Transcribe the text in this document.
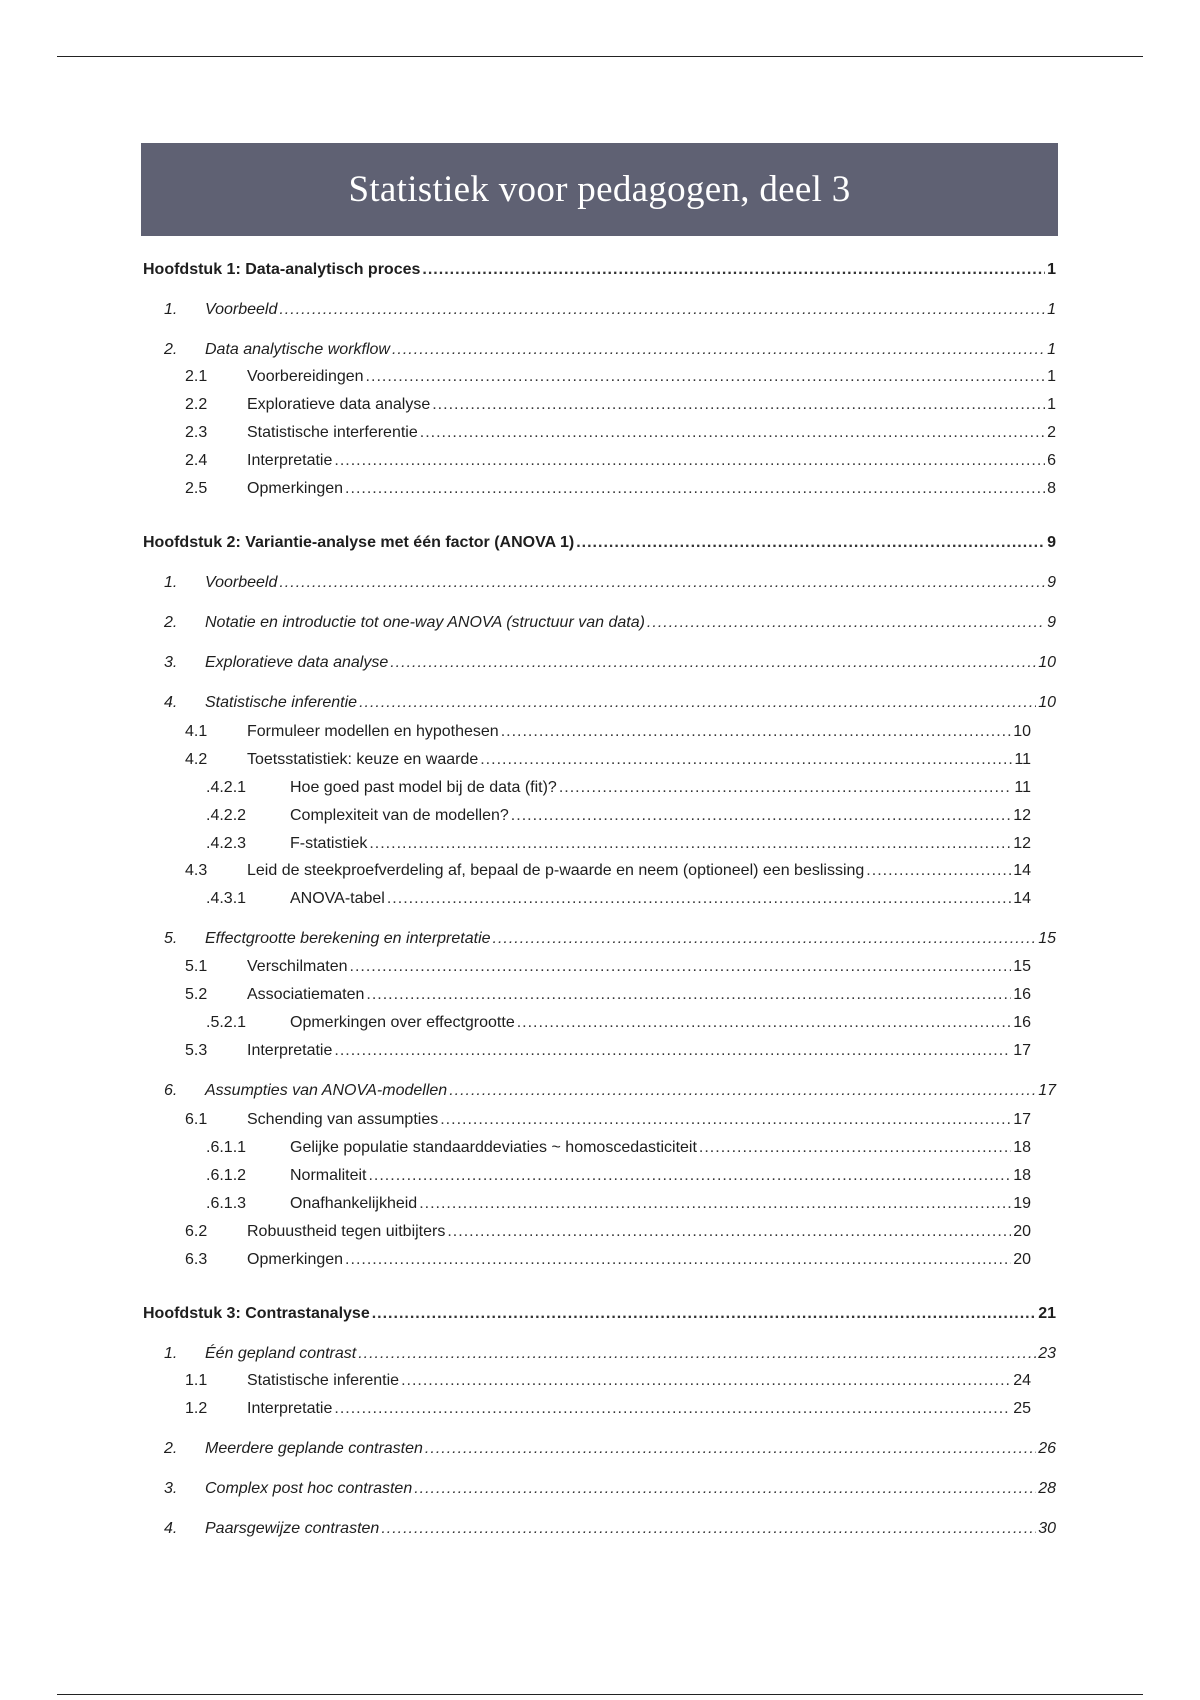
Statistiek voor pedagogen, deel 3
Hoofdstuk 1: Data-analytisch proces .....	1
1.	Voorbeeld .....	1
2.	Data analytische workflow .....	1
2.1	Voorbereidingen .....	1
2.2	Exploratieve data analyse .....	1
2.3	Statistische interferentie .....	2
2.4	Interpretatie .....	6
2.5	Opmerkingen .....	8
Hoofdstuk 2: Variantie-analyse met één factor (ANOVA 1) .....	9
1.	Voorbeeld .....	9
2.	Notatie en introductie tot one-way ANOVA (structuur van data) .....	9
3.	Exploratieve data analyse .....	10
4.	Statistische inferentie .....	10
4.1	Formuleer modellen en hypothesen .....	10
4.2	Toetsstatistiek: keuze en waarde .....	11
.4.2.1	Hoe goed past model bij de data (fit)? .....	11
.4.2.2	Complexiteit van de modellen? .....	12
.4.2.3	F-statistiek .....	12
4.3	Leid de steekproefverdeling af, bepaal de p-waarde en neem (optioneel) een beslissing .....	14
.4.3.1	ANOVA-tabel .....	14
5.	Effectgrootte berekening en interpretatie .....	15
5.1	Verschilmaten .....	15
5.2	Associatiematen .....	16
.5.2.1	Opmerkingen over effectgrootte .....	16
5.3	Interpretatie .....	17
6.	Assumpties van ANOVA-modellen .....	17
6.1	Schending van assumpties .....	17
.6.1.1	Gelijke populatie standaarddeviaties ~ homoscedasticiteit .....	18
.6.1.2	Normaliteit .....	18
.6.1.3	Onafhankelijkheid .....	19
6.2	Robuustheid tegen uitbijters .....	20
6.3	Opmerkingen .....	20
Hoofdstuk 3: Contrastanalyse .....	21
1.	Één gepland contrast .....	23
1.1	Statistische inferentie .....	24
1.2	Interpretatie .....	25
2.	Meerdere geplande contrasten .....	26
3.	Complex post hoc contrasten .....	28
4.	Paarsgewijze contrasten .....	30
